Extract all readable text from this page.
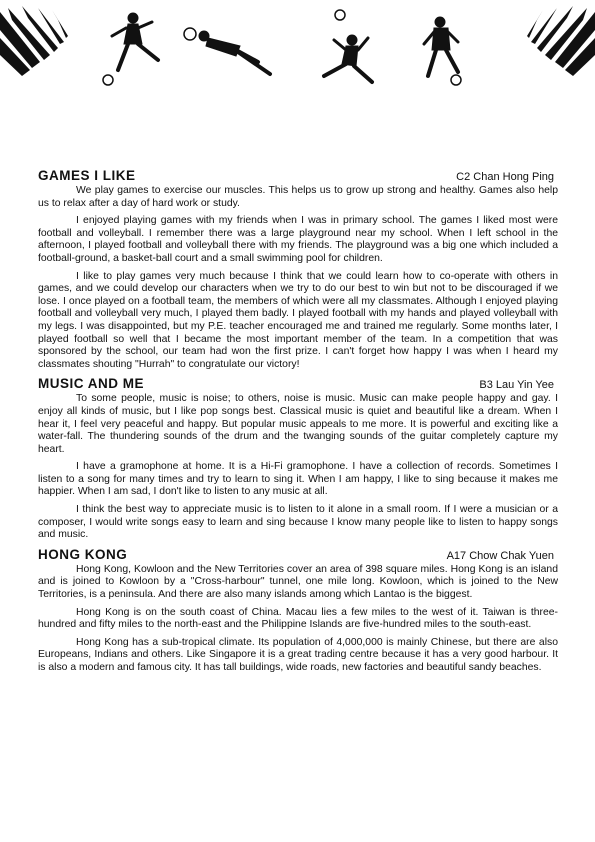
GAMES I LIKE	C2 Chan Hong Ping

We play games to exercise our muscles. This helps us to grow up strong and healthy. Games also help us to relax after a day of hard work or study.

I enjoyed playing games with my friends when I was in primary school. The games I liked most were football and volleyball. I remember there was a large playground near my school. When I left school in the afternoon, I played football and volleyball there with my friends. The playground was a big one which included a football-ground, a basket-ball court and a small swimming pool for children.

I like to play games very much because I think that we could learn how to co-operate with others in games, and we could develop our characters when we try to do our best to win but not to be discouraged if we lose. I once played on a football team, the members of which were all my classmates. Although I enjoyed playing football and volleyball very much, I played them badly. I played football with my hands and played volleyball with my legs. I was disappointed, but my P.E. teacher encouraged me and trained me regularly. Some months later, I played football so well that I became the most important member of the team. In a competition that was sponsored by the school, our team had won the first prize. I can't forget how happy I was when I heard my classmates shouting "Hurrah" to congratulate our victory!

MUSIC AND ME	B3 Lau Yin Yee

To some people, music is noise; to others, noise is music. Music can make people happy and gay. I enjoy all kinds of music, but I like pop songs best. Classical music is quiet and beautiful like a dream. When I hear it, I feel very peaceful and happy. But popular music appeals to me more. It is powerful and exciting like a water-fall. The thundering sounds of the drum and the twanging sounds of the guitar completely capture my heart.

I have a gramophone at home. It is a Hi-Fi gramophone. I have a collection of records. Sometimes I listen to a song for many times and try to learn to sing it. When I am happy, I like to sing because it makes me happier. When I am sad, I don't like to listen to any music at all.

I think the best way to appreciate music is to listen to it alone in a small room. If I were a musician or a composer, I would write songs easy to learn and sing because I know many people like to listen to happy songs and music.

HONG KONG	A17 Chow Chak Yuen

Hong Kong, Kowloon and the New Territories cover an area of 398 square miles. Hong Kong is an island and is joined to Kowloon by a "Cross-harbour" tunnel, one mile long. Kowloon, which is joined to the New Territories, is a peninsula. And there are also many islands among which Lantao is the biggest.

Hong Kong is on the south coast of China. Macau lies a few miles to the west of it. Taiwan is three-hundred and fifty miles to the north-east and the Philippine Islands are five-hundred miles to the south-east.

Hong Kong has a sub-tropical climate. Its population of 4,000,000 is mainly Chinese, but there are also Europeans, Indians and others. Like Singapore it is a great trading centre because it has a very good harbour. It is also a modern and famous city. It has tall buildings, wide roads, new factories and beautiful sandy beaches.
